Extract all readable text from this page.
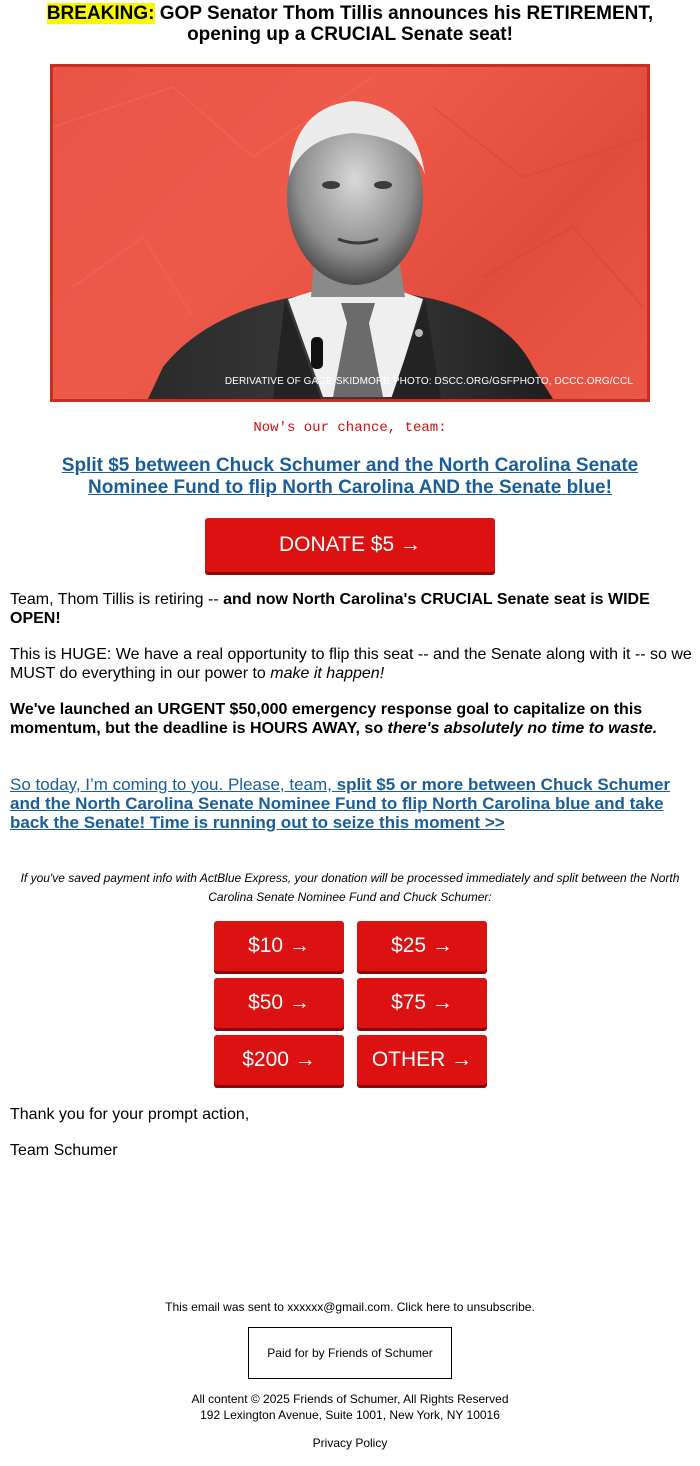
BREAKING: GOP Senator Thom Tillis announces his RETIREMENT,
opening up a CRUCIAL Senate seat!
DERIVATIVE OF GAGE SKIDMORE PHOTO: DSCC.ORG/GSFPHOTO, DCCC.ORG/CCL
Now's our chance, team:
Split $5 between Chuck Schumer and the North Carolina Senate Nominee Fund to flip North Carolina AND the Senate blue!
DONATE $5 →
Team, Thom Tillis is retiring -- and now North Carolina's CRUCIAL Senate seat is WIDE OPEN!
This is HUGE: We have a real opportunity to flip this seat -- and the Senate along with it -- so we MUST do everything in our power to make it happen!
We've launched an URGENT $50,000 emergency response goal to capitalize on this momentum, but the deadline is HOURS AWAY, so there's absolutely no time to waste.
So today, I’m coming to you. Please, team, split $5 or more between Chuck Schumer and the North Carolina Senate Nominee Fund to flip North Carolina blue and take back the Senate! Time is running out to seize this moment >>
If you've saved payment info with ActBlue Express, your donation will be processed immediately and split between the North Carolina Senate Nominee Fund and Chuck Schumer:
$10 →	$25 →
$50 →	$75 →
$200 →	OTHER →
Thank you for your prompt action,
Team Schumer
This email was sent to xxxxxx@gmail.com. Click here to unsubscribe.
Paid for by Friends of Schumer
All content © 2025 Friends of Schumer, All Rights Reserved
192 Lexington Avenue, Suite 1001, New York, NY 10016
Privacy Policy
